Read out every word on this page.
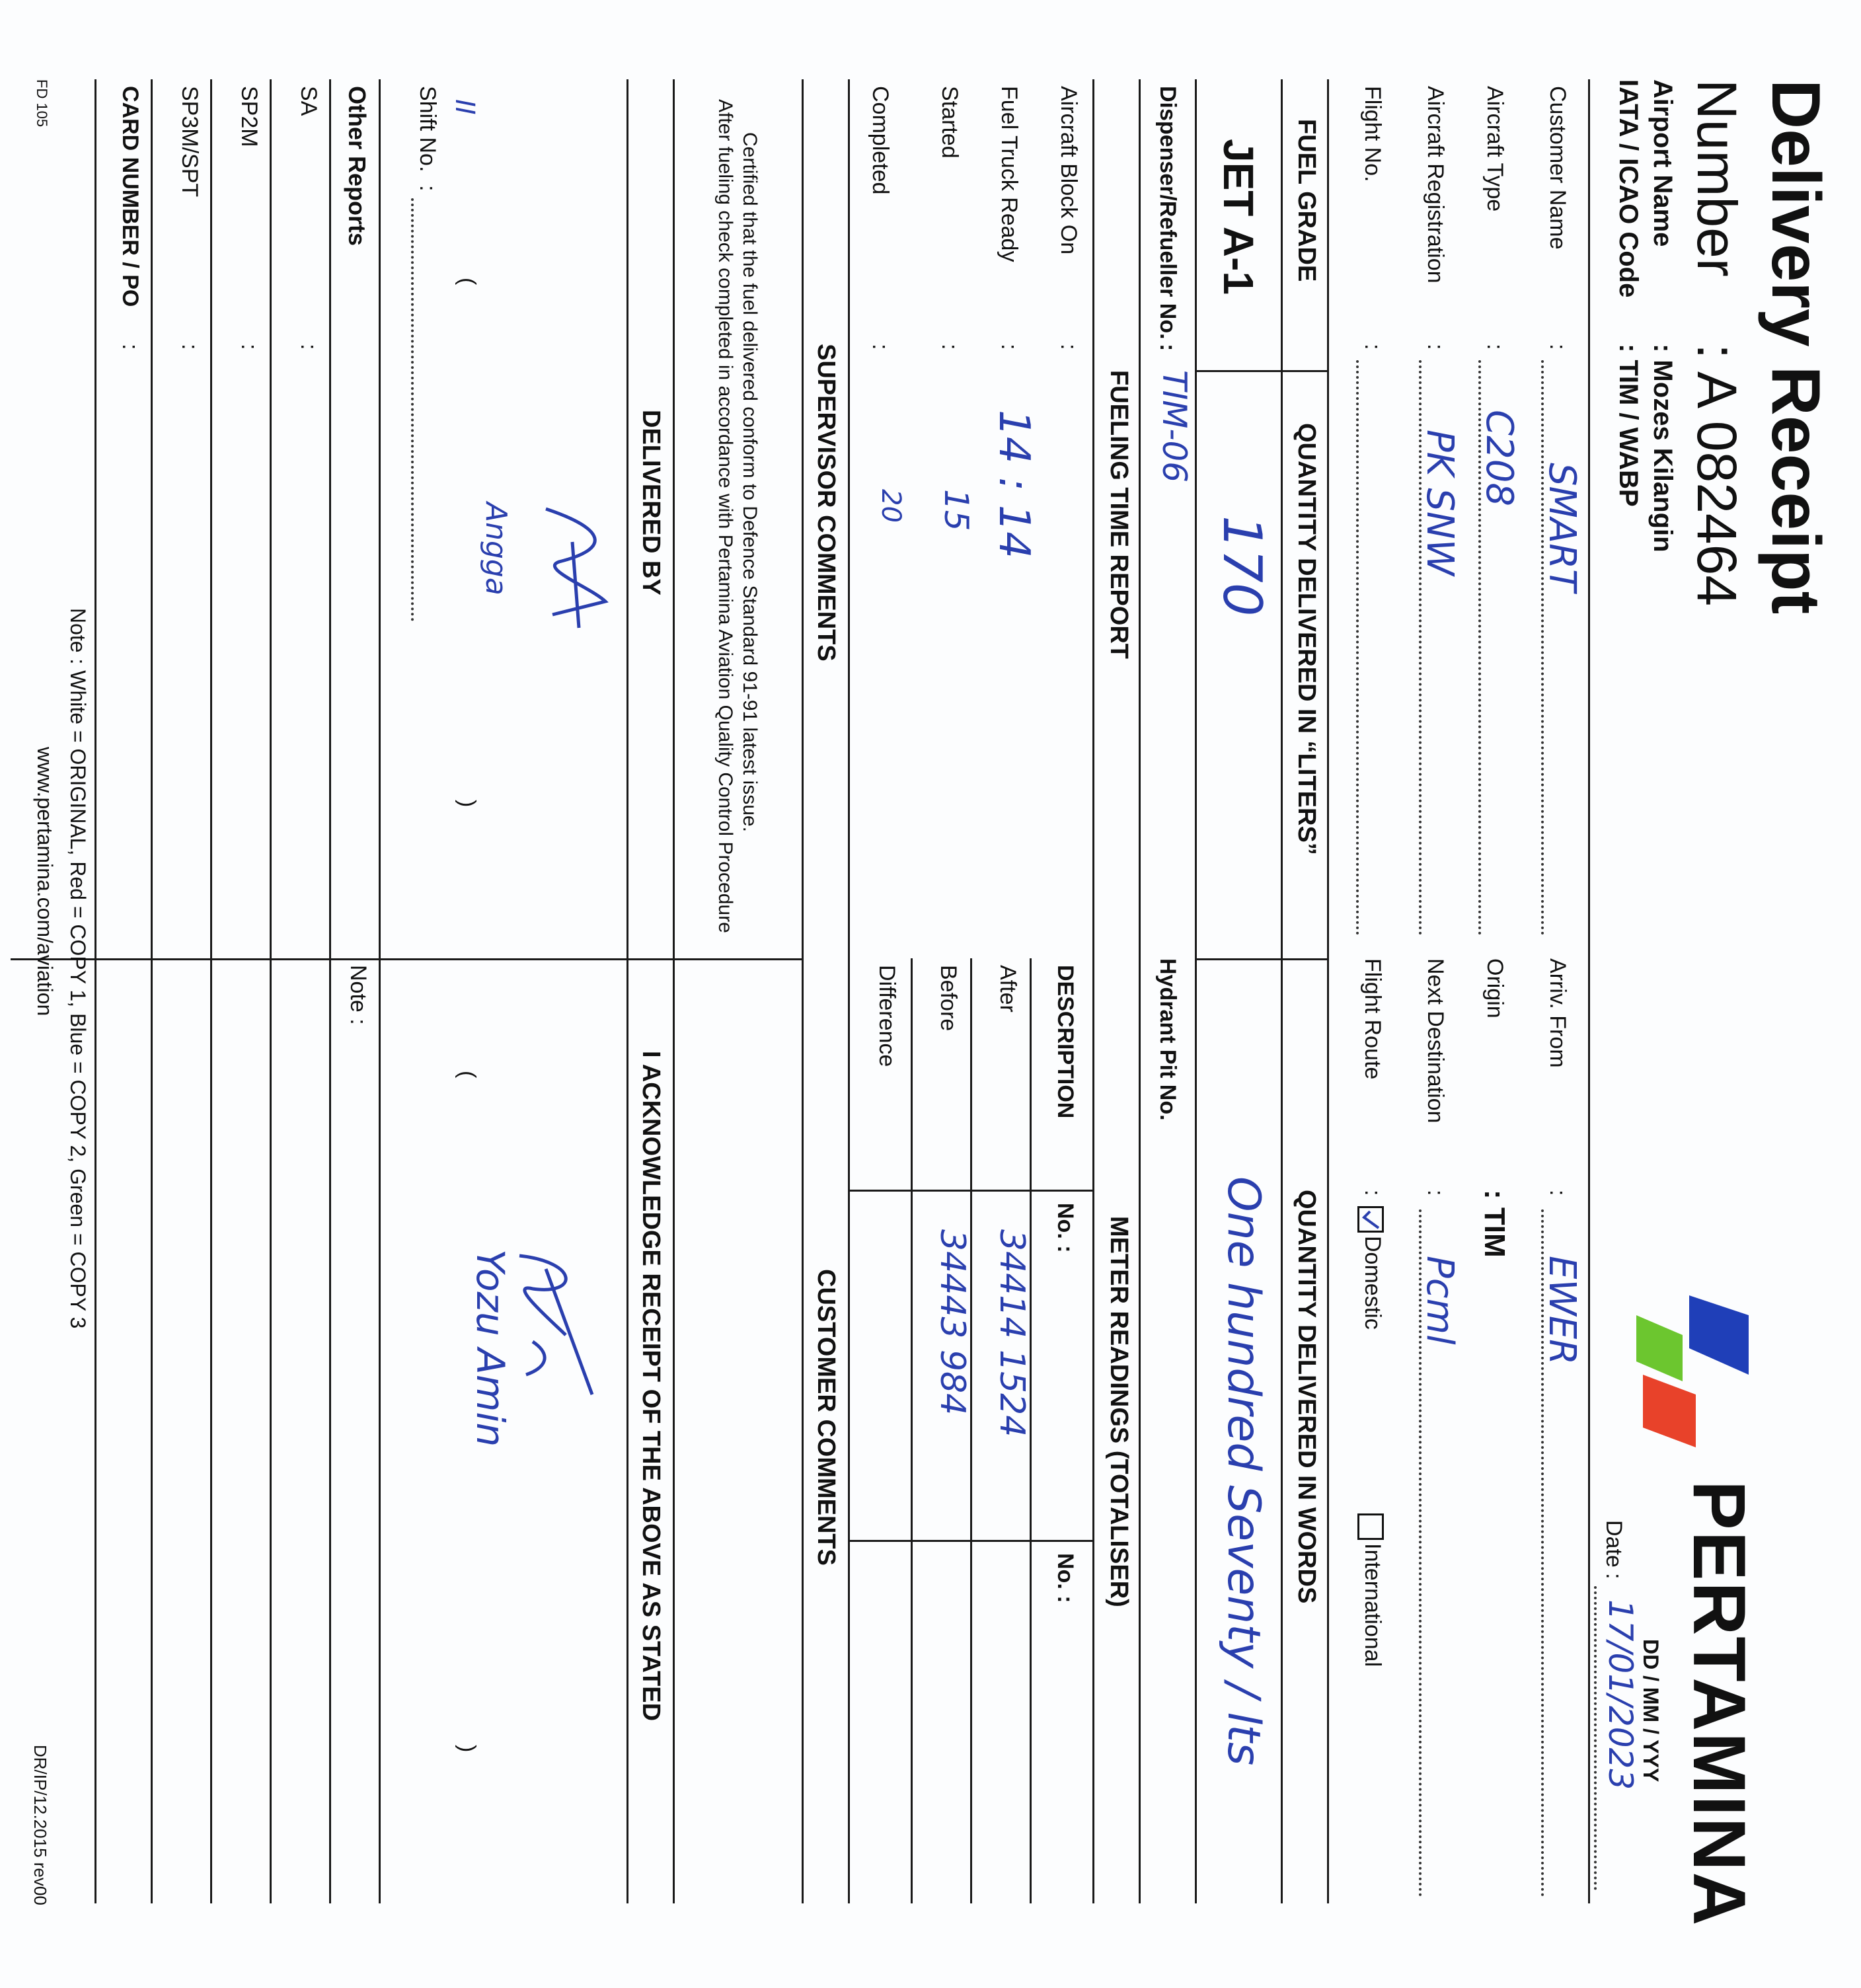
Delivery Receipt
Number
: A 082464
Airport Name
: Mozes Kilangin
IATA / ICAO Code
: TIM / WABP
PERTAMINA
DD / MM / YYY
Date
:
17/01/2023
Customer Name
:
SMART
Aircraft Type
:
C208
Aircraft Registration
:
PK SNW
Flight No.
:
Arriv. From
:
EWER
Origin
: TIM
Next Destination
:
Pcml
Flight Route
:
Domestic
International
FUEL GRADE
QUANTITY DELIVERED IN “LITERS”
QUANTITY DELIVERED IN WORDS
JET A-1
170
One hundred Seventy / lts
Dispenser/Refueller No.
:
TIM-06
Hydrant Pit No.
FUELING TIME REPORT
METER READINGS (TOTALISER)
Aircraft Block On
:
Fuel Truck Ready
:
14 : 14
Started
:
15
Completed
:
20
DESCRIPTION
No. :
No. :
After
34414 1524
Before
34443 984
Difference
SUPERVISOR COMMENTS
CUSTOMER COMMENTS
Certified that the fuel delivered conform to Defence Standard 91-91 latest issue.
After fueling check completed in accordance with Pertamina Aviation Quality Control Procedure
DELIVERED BY
I ACKNOWLEDGE RECEIPT OF THE ABOVE AS STATED
Angga
(
)
Shift No.
:
II
Yozu Amin
(
)
Other Reports
Note :
SA
:
SP2M
:
SP3M/SPT
:
CARD NUMBER / PO
:
Note : White = ORIGINAL, Red = COPY 1, Blue = COPY 2, Green = COPY 3
www.pertamina.com/aviation
FD 105
DR/IP/12.2015 rev00
